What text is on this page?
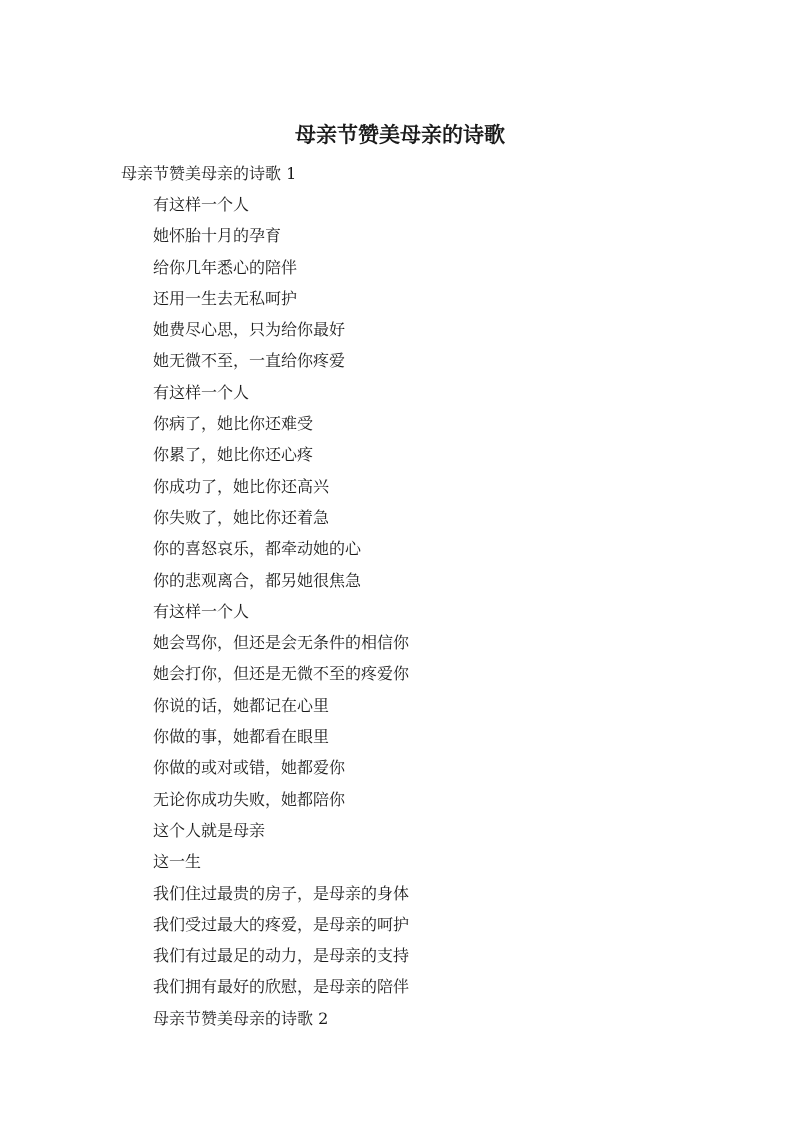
母亲节赞美母亲的诗歌

母亲节赞美母亲的诗歌 1

有这样一个人
她怀胎十月的孕育
给你几年悉心的陪伴
还用一生去无私呵护
她费尽心思，只为给你最好
她无微不至，一直给你疼爱
有这样一个人
你病了，她比你还难受
你累了，她比你还心疼
你成功了，她比你还高兴
你失败了，她比你还着急
你的喜怒哀乐，都牵动她的心
你的悲观离合，都另她很焦急
有这样一个人
她会骂你，但还是会无条件的相信你
她会打你，但还是无微不至的疼爱你
你说的话，她都记在心里
你做的事，她都看在眼里
你做的或对或错，她都爱你
无论你成功失败，她都陪你
这个人就是母亲
这一生
我们住过最贵的房子，是母亲的身体
我们受过最大的疼爱，是母亲的呵护
我们有过最足的动力，是母亲的支持
我们拥有最好的欣慰，是母亲的陪伴
母亲节赞美母亲的诗歌 2
